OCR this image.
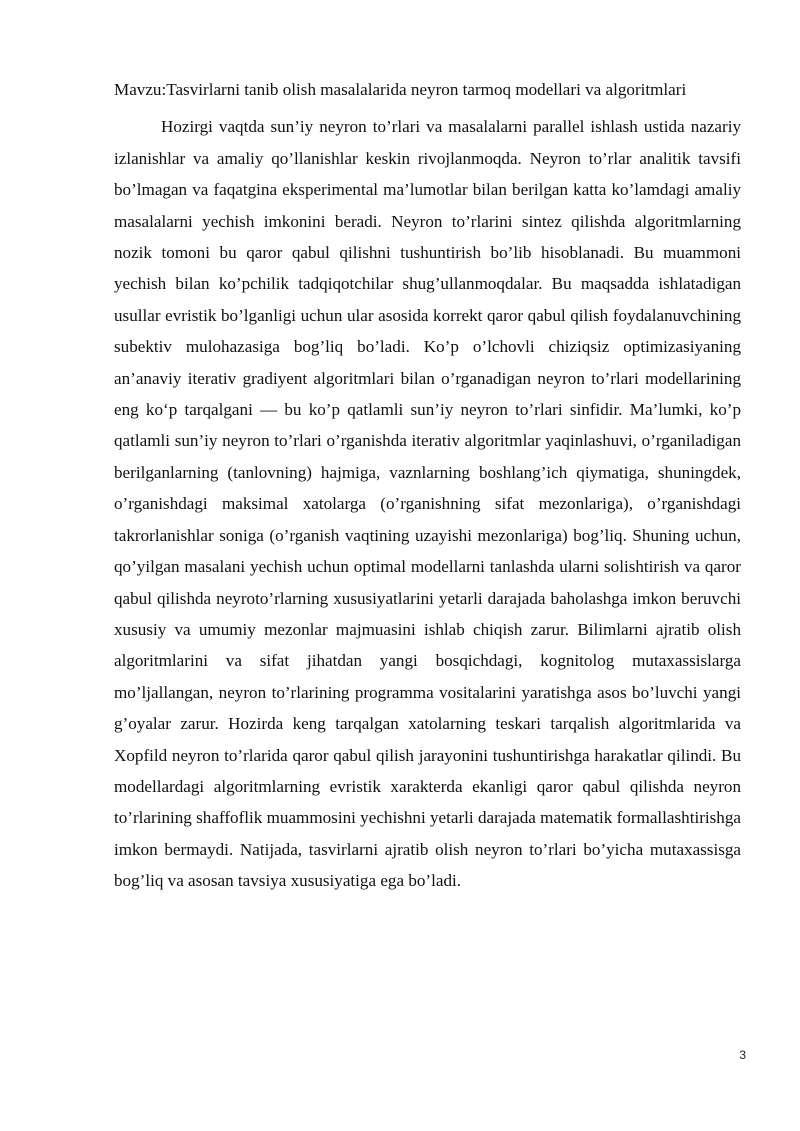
Mavzu:Tasvirlarni tanib olish masalalarida neyron tarmoq modellari va algoritmlari

Hozirgi vaqtda sun’iy neyron to’rlari va masalalarni parallel ishlash ustida nazariy izlanishlar va amaliy qo’llanishlar keskin rivojlanmoqda. Neyron to’rlar analitik tavsifi bo’lmagan va faqatgina eksperimental ma’lumotlar bilan berilgan katta ko’lamdagi amaliy masalalarni yechish imkonini beradi. Neyron to’rlarini sintez qilishda algoritmlarning nozik tomoni bu qaror qabul qilishni tushuntirish bo’lib hisoblanadi. Bu muammoni yechish bilan ko’pchilik tadqiqotchilar shug’ullanmoqdalar. Bu maqsadda ishlatadigan usullar evristik bo’lganligi uchun ular asosida korrekt qaror qabul qilish foydalanuvchining subektiv mulohazasiga bog’liq bo’ladi. Ko’p o’lchovli chiziqsiz optimizasiyaning an’anaviy iterativ gradiyent algoritmlari bilan o’rganadigan neyron to’rlari modellarining eng ko‘p tarqalgani — bu ko’p qatlamli sun’iy neyron to’rlari sinfidir. Ma’lumki, ko’p qatlamli sun’iy neyron to’rlari o’rganishda iterativ algoritmlar yaqinlashuvi, o’rganiladigan berilganlarning (tanlovning) hajmiga, vaznlarning boshlang’ich qiymatiga, shuningdek, o’rganishdagi maksimal xatolarga (o’rganishning sifat mezonlariga), o’rganishdagi takrorlanishlar soniga (o’rganish vaqtining uzayishi mezonlariga) bog’liq. Shuning uchun, qo’yilgan masalani yechish uchun optimal modellarni tanlashda ularni solishtirish va qaror qabul qilishda neyroto’rlarning xususiyatlarini yetarli darajada baholashga imkon beruvchi xususiy va umumiy mezonlar majmuasini ishlab chiqish zarur. Bilimlarni ajratib olish algoritmlarini va sifat jihatdan yangi bosqichdagi, kognitolog mutaxassislarga mo’ljallangan, neyron to’rlarining programma vositalarini yaratishga asos bo’luvchi yangi g’oyalar zarur. Hozirda keng tarqalgan xatolarning teskari tarqalish algoritmlarida va Xopfild neyron to’rlarida qaror qabul qilish jarayonini tushuntirishga harakatlar qilindi. Bu modellardagi algoritmlarning evristik xarakterda ekanligi qaror qabul qilishda neyron to’rlarining shaffoflik muammosini yechishni yetarli darajada matematik formallashtirishga imkon bermaydi. Natijada, tasvirlarni ajratib olish neyron to’rlari bo’yicha mutaxassisga bog’liq va asosan tavsiya xususiyatiga ega bo’ladi.

3
